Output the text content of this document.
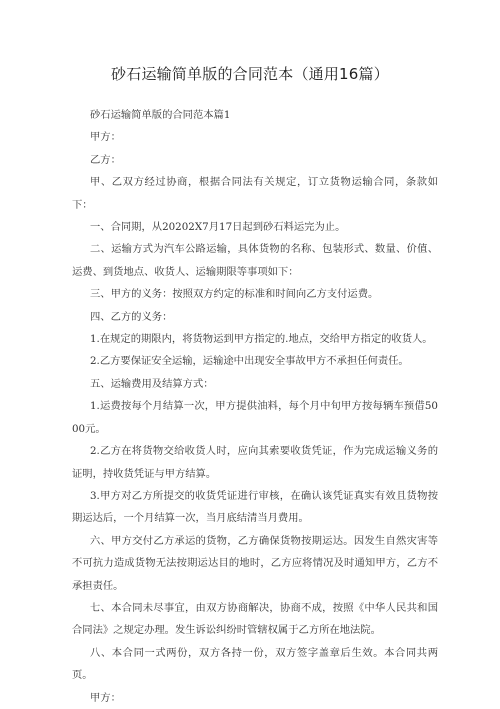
砂石运输简单版的合同范本（通用16篇）

砂石运输简单版的合同范本篇1

甲方：

乙方：

甲、乙双方经过协商，根据合同法有关规定，订立货物运输合同，条款如下：

一、合同期，从20202X7月17日起到砂石料运完为止。

二、运输方式为汽车公路运输，具体货物的名称、包装形式、数量、价值、运费、到货地点、收货人、运输期限等事项如下：

三、甲方的义务：按照双方约定的标准和时间向乙方支付运费。

四、乙方的义务：

1.在规定的期限内，将货物运到甲方指定的.地点，交给甲方指定的收货人。

2.乙方要保证安全运输，运输途中出现安全事故甲方不承担任何责任。

五、运输费用及结算方式：

1.运费按每个月结算一次，甲方提供油料，每个月中旬甲方按每辆车预借5000元。

2.乙方在将货物交给收货人时，应向其索要收货凭证，作为完成运输义务的证明，持收货凭证与甲方结算。

3.甲方对乙方所提交的收货凭证进行审核，在确认该凭证真实有效且货物按期运达后，一个月结算一次，当月底结清当月费用。

六、甲方交付乙方承运的货物，乙方确保货物按期运达。因发生自然灾害等不可抗力造成货物无法按期运达目的地时，乙方应将情况及时通知甲方，乙方不承担责任。

七、本合同未尽事宜，由双方协商解决，协商不成，按照《中华人民共和国合同法》之规定办理。发生诉讼纠纷时管辖权属于乙方所在地法院。

八、本合同一式两份，双方各持一份，双方签字盖章后生效。本合同共两页。

甲方：
